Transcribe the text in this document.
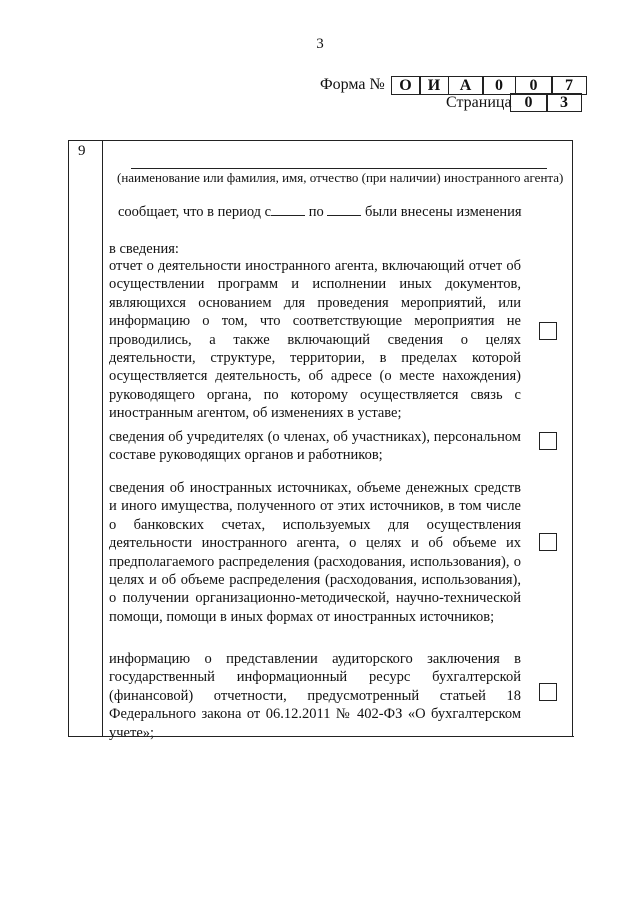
3
Форма № О	И	А	0	0	7
Страница 0	3
9
(наименование или фамилия, имя, отчество (при наличии) иностранного агента)
сообщает, что в период с	по	были внесены изменения
в сведения:
отчет о деятельности иностранного агента, включающий отчет об осуществлении программ и исполнении иных документов, являющихся основанием для проведения мероприятий, или информацию о том, что соответствующие мероприятия не проводились, а также включающий сведения о целях деятельности, структуре, территории, в пределах которой осуществляется деятельность, об адресе (о месте нахождения) руководящего органа, по которому осуществляется связь с иностранным агентом, об изменениях в уставе;
сведения об учредителях (о членах, об участниках), персональном составе руководящих органов и работников;
сведения об иностранных источниках, объеме денежных средств и иного имущества, полученного от этих источников, в том числе о банковских счетах, используемых для осуществления деятельности иностранного агента, о целях и об объеме их предполагаемого распределения (расходования, использования), о целях и об объеме распределения (расходования, использования), о получении организационно-методической, научно-технической помощи, помощи в иных формах от иностранных источников;
информацию о представлении аудиторского заключения в государственный информационный ресурс бухгалтерской (финансовой) отчетности, предусмотренный статьей 18 Федерального закона от 06.12.2011 № 402-ФЗ «О бухгалтерском учете»;
